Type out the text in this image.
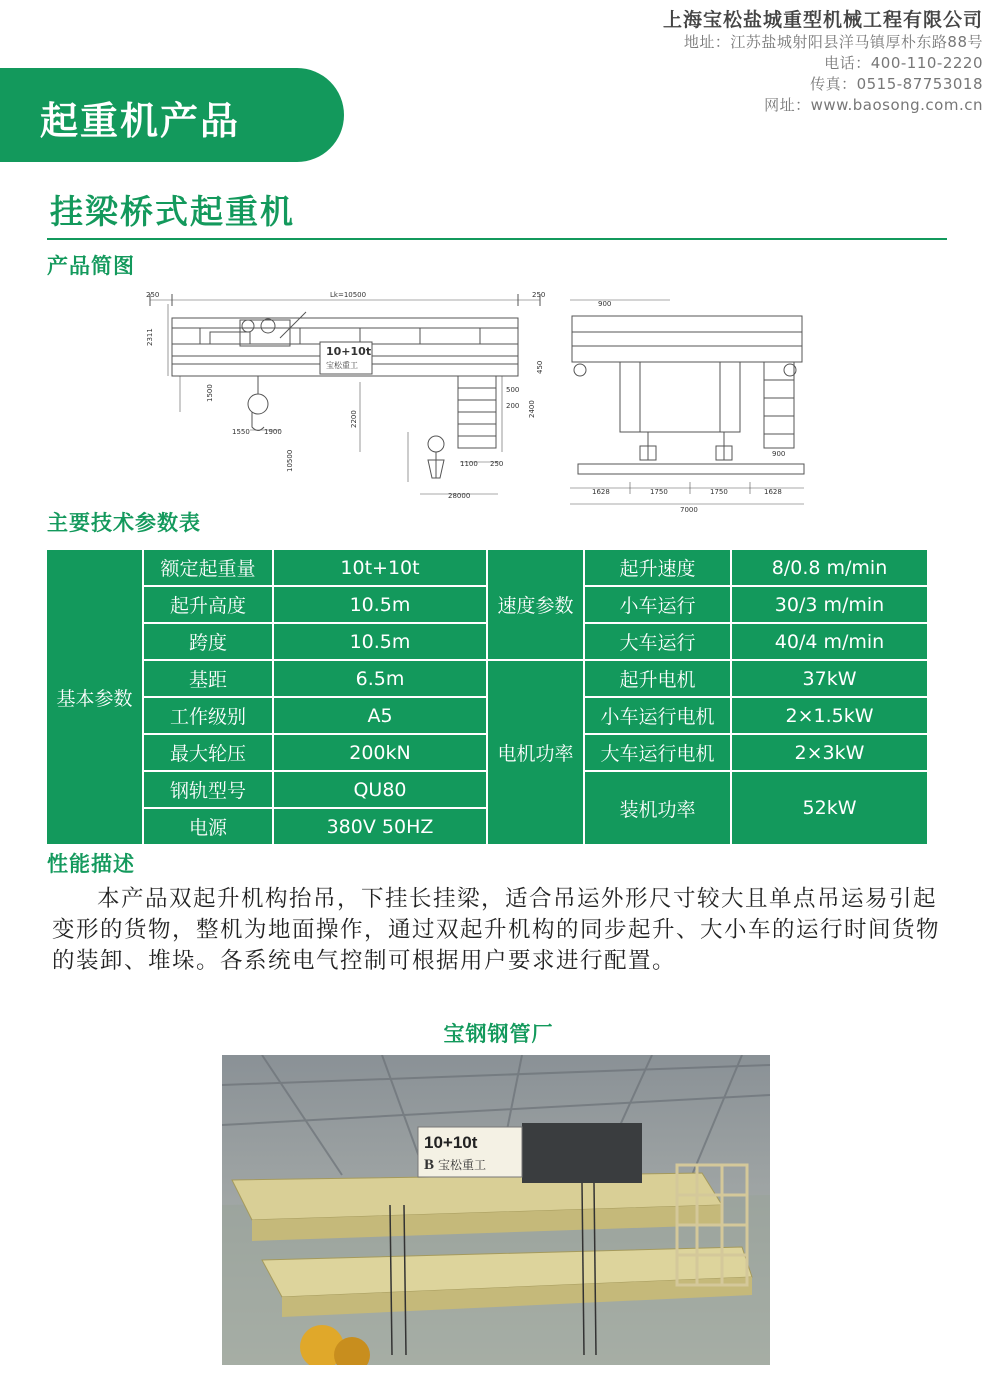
上海宝松盐城重型机械工程有限公司
地址：江苏盐城射阳县洋马镇厚朴东路88号
电话：400-110-2220
传真：0515-87753018
网址：www.baosong.com.cn
起重机产品
挂梁桥式起重机
产品简图
250	Lk=10500	250
2311
10+10t
宝松重工
1500
1550 1900
2200
2400
10500	1100 250
28000
500
450
200
900
1628	1750	1750	1628
7000
900
主要技术参数表
基本参数	额定起重量	10t+10t	速度参数	起升速度	8/0.8 m/min
	起升高度	10.5m		小车运行	30/3 m/min
	跨度	10.5m		大车运行	40/4 m/min
	基距	6.5m	电机功率	起升电机	37kW
	工作级别	A5		小车运行电机	2×1.5kW
	最大轮压	200kN		大车运行电机	2×3kW
	钢轨型号	QU80		装机功率	52kW
	电源	380V 50HZ			
性能描述

本产品双起升机构抬吊，下挂长挂梁，适合吊运外形尺寸较大且单点吊运易引起变形的货物，整机为地面操作，通过双起升机构的同步起升、大小车的运行时间货物的装卸、堆垛。各系统电气控制可根据用户要求进行配置。

宝钢钢管厂
10+10t
B 宝松重工
